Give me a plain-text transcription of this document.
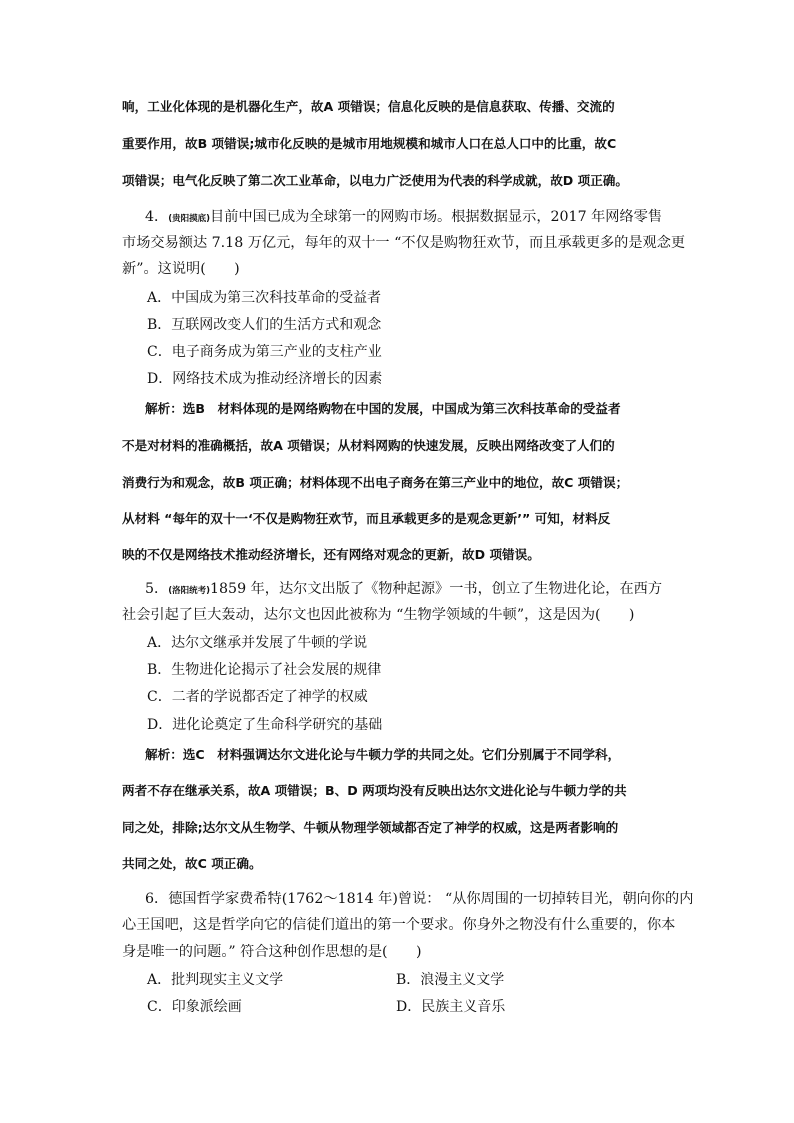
响，工业化体现的是机器化生产，故A 项错误；信息化反映的是信息获取、传播、交流的
重要作用，故B 项错误;城市化反映的是城市用地规模和城市人口在总人口中的比重，故C
项错误；电气化反映了第二次工业革命，以电力广泛使用为代表的科学成就，故D 项正确。
4．(贵阳摸底)目前中国已成为全球第一的网购市场。根据数据显示，2017 年网络零售
市场交易额达 7.18 万亿元，每年的双十一 “不仅是购物狂欢节，而且承载更多的是观念更
新”。这说明(　　)
A．中国成为第三次科技革命的受益者
B．互联网改变人们的生活方式和观念
C．电子商务成为第三产业的支柱产业
D．网络技术成为推动经济增长的因素
解析：选B　材料体现的是网络购物在中国的发展，中国成为第三次科技革命的受益者
不是对材料的准确概括，故A 项错误；从材料网购的快速发展，反映出网络改变了人们的
消费行为和观念，故B 项正确；材料体现不出电子商务在第三产业中的地位，故C 项错误；
从材料 “每年的双十一‘不仅是购物狂欢节，而且承载更多的是观念更新’” 可知，材料反
映的不仅是网络技术推动经济增长，还有网络对观念的更新，故D 项错误。
5．(洛阳统考)1859 年，达尔文出版了《物种起源》一书，创立了生物进化论，在西方
社会引起了巨大轰动，达尔文也因此被称为 “生物学领域的牛顿”，这是因为(　　)
A．达尔文继承并发展了牛顿的学说
B．生物进化论揭示了社会发展的规律
C．二者的学说都否定了神学的权威
D．进化论奠定了生命科学研究的基础
解析：选C　材料强调达尔文进化论与牛顿力学的共同之处。它们分别属于不同学科，
两者不存在继承关系，故A 项错误；B、D 两项均没有反映出达尔文进化论与牛顿力学的共
同之处，排除;达尔文从生物学、牛顿从物理学领域都否定了神学的权威，这是两者影响的
共同之处，故C 项正确。
6．德国哲学家费希特(1762～1814 年)曾说： “从你周围的一切掉转目光，朝向你的内
心王国吧，这是哲学向它的信徒们道出的第一个要求。你身外之物没有什么重要的，你本
身是唯一的问题。” 符合这种创作思想的是(　　)
A．批判现实主义文学	B．浪漫主义文学
C．印象派绘画	D．民族主义音乐
